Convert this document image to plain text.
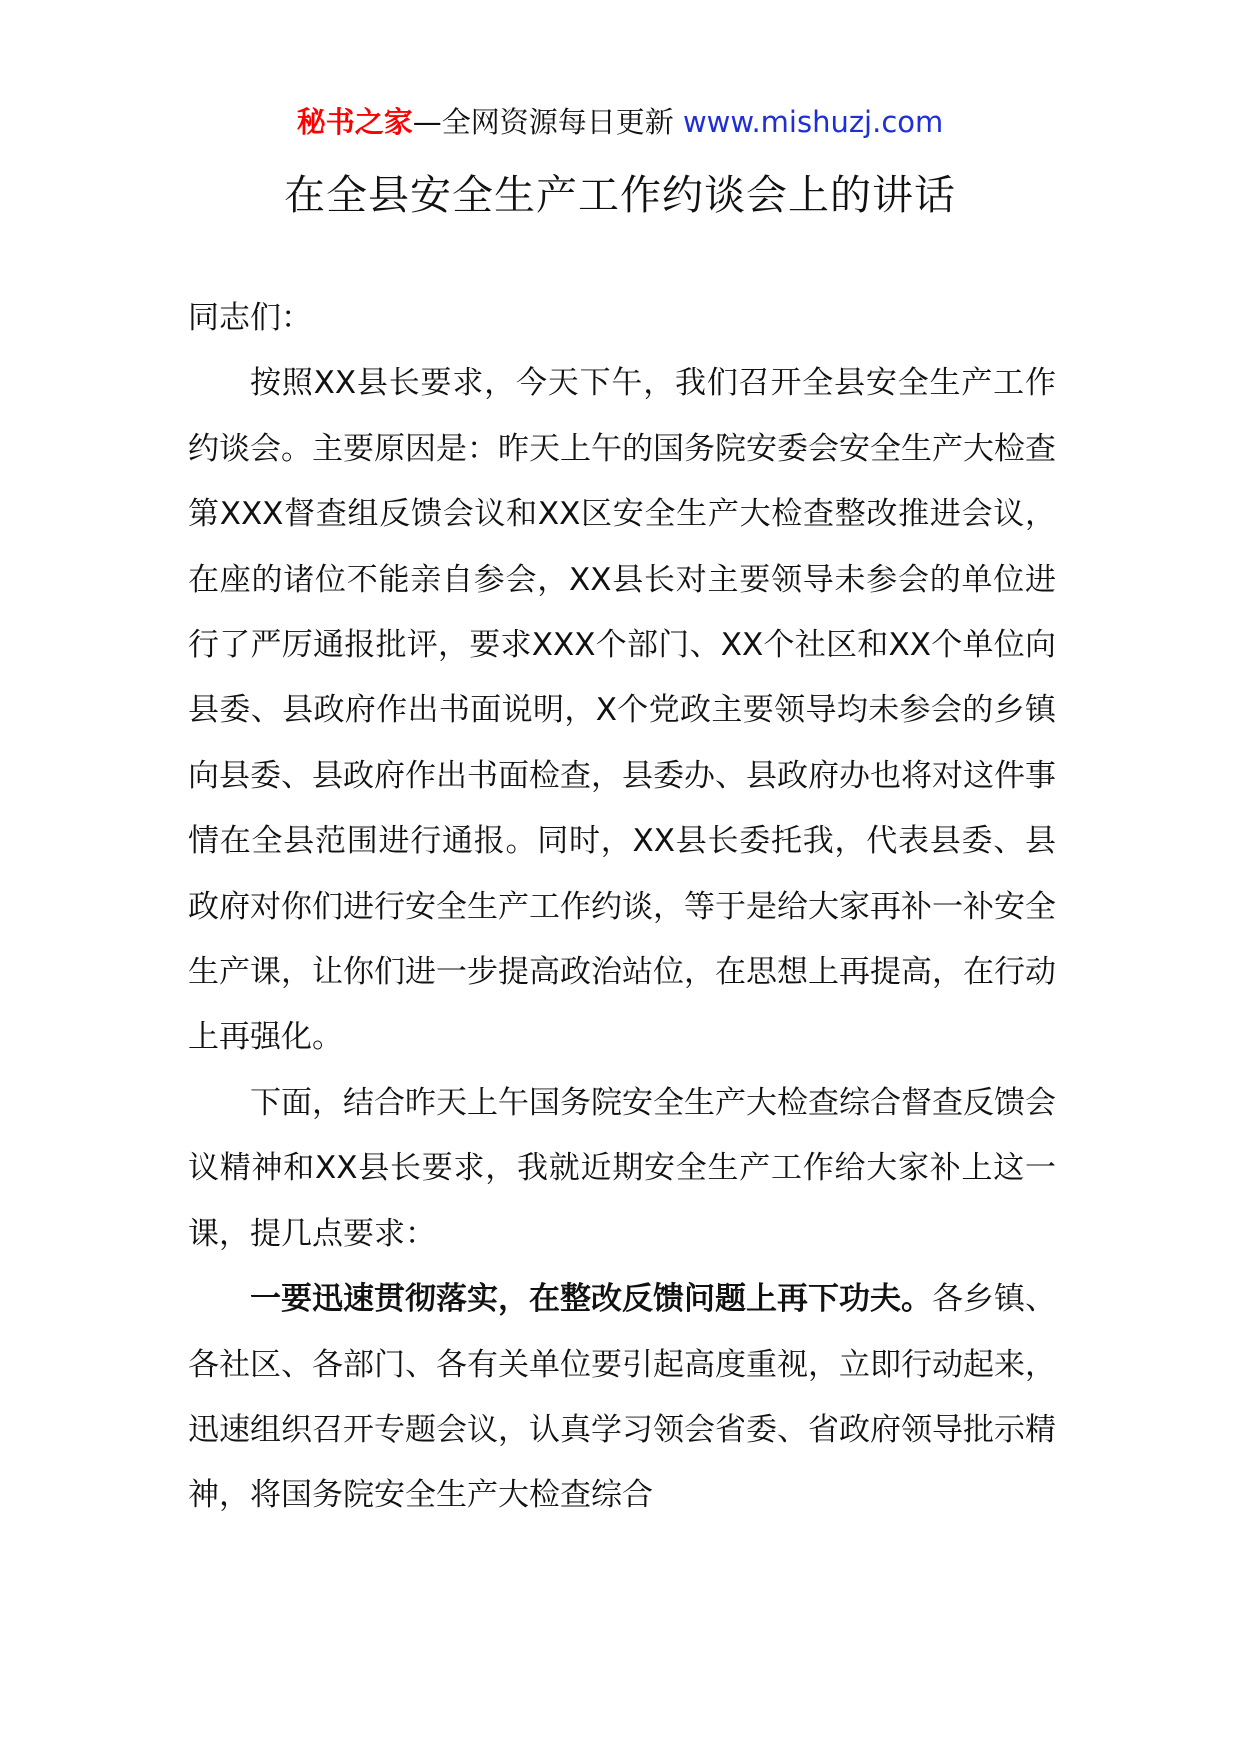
秘书之家—全网资源每日更新 www.mishuzj.com
在全县安全生产工作约谈会上的讲话

同志们：

按照XX县长要求，今天下午，我们召开全县安全生产工作约谈会。主要原因是：昨天上午的国务院安委会安全生产大检查第XXX督查组反馈会议和XX区安全生产大检查整改推进会议，在座的诸位不能亲自参会，XX县长对主要领导未参会的单位进行了严厉通报批评，要求XXX个部门、XX个社区和XX个单位向县委、县政府作出书面说明，X个党政主要领导均未参会的乡镇向县委、县政府作出书面检查，县委办、县政府办也将对这件事情在全县范围进行通报。同时，XX县长委托我，代表县委、县政府对你们进行安全生产工作约谈，等于是给大家再补一补安全生产课，让你们进一步提高政治站位，在思想上再提高，在行动上再强化。

下面，结合昨天上午国务院安全生产大检查综合督查反馈会议精神和XX县长要求，我就近期安全生产工作给大家补上这一课，提几点要求：

一要迅速贯彻落实，在整改反馈问题上再下功夫。各乡镇、各社区、各部门、各有关单位要引起高度重视，立即行动起来，迅速组织召开专题会议，认真学习领会省委、省政府领导批示精神，将国务院安全生产大检查综合
